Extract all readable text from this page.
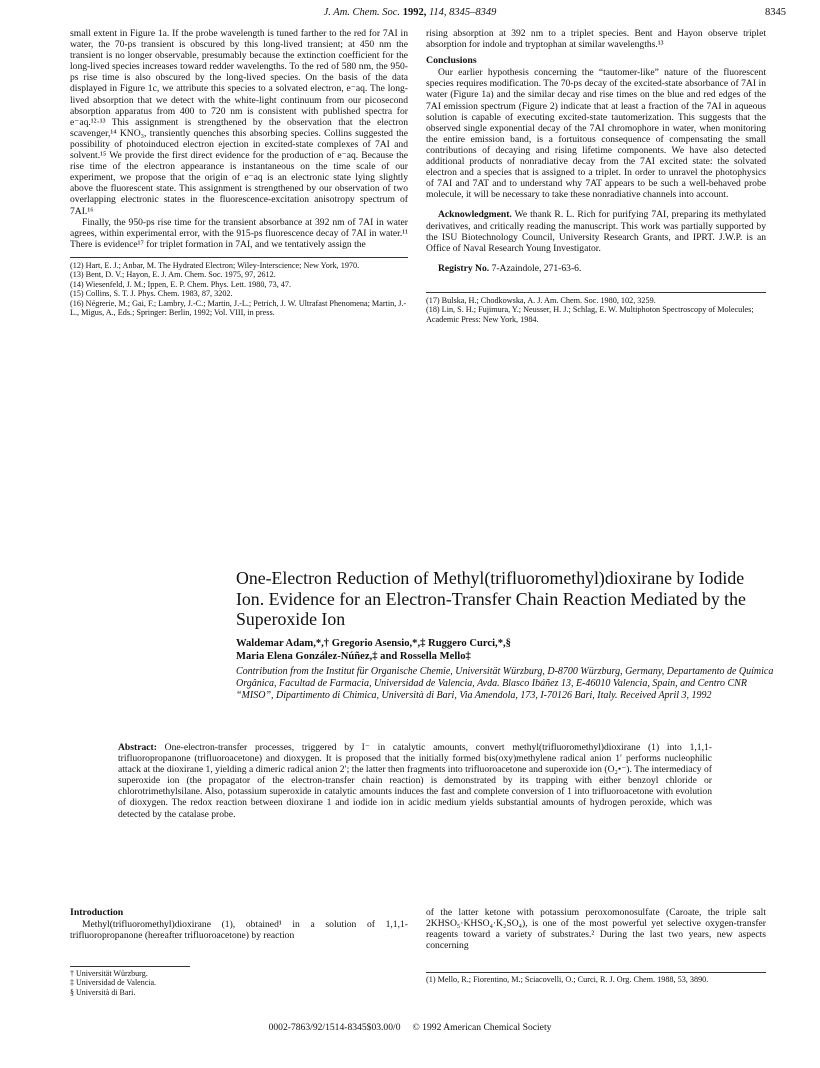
J. Am. Chem. Soc. 1992, 114, 8345–8349	8345

small extent in Figure 1a. If the probe wavelength is tuned farther to the red for 7AI in water, the 70-ps transient is obscured by this long-lived transient; at 450 nm the transient is no longer observable, presumably because the extinction coefficient for the long-lived species increases toward redder wavelengths. To the red of 580 nm, the 950-ps rise time is also obscured by the long-lived species. On the basis of the data displayed in Figure 1c, we attribute this species to a solvated electron, e⁻aq. The long-lived absorption that we detect with the white-light continuum from our picosecond absorption apparatus from 400 to 720 nm is consistent with published spectra for e⁻aq.¹²·¹³ This assignment is strengthened by the observation that the electron scavenger,¹⁴ KNO₃, transiently quenches this absorbing species. Collins suggested the possibility of photoinduced electron ejection in excited-state complexes of 7AI and solvent.¹⁵ We provide the first direct evidence for the production of e⁻aq. Because the rise time of the electron appearance is instantaneous on the time scale of our experiment, we propose that the origin of e⁻aq is an electronic state lying slightly above the fluorescent state. This assignment is strengthened by our observation of two overlapping electronic states in the fluorescence-excitation anisotropy spectrum of 7AI.¹⁶

Finally, the 950-ps rise time for the transient absorbance at 392 nm of 7AI in water agrees, within experimental error, with the 915-ps fluorescence decay of 7AI in water.¹¹ There is evidence¹⁷ for triplet formation in 7AI, and we tentatively assign the

(12) Hart, E. J.; Anbar, M. The Hydrated Electron; Wiley-Interscience; New York, 1970.
(13) Bent, D. V.; Hayon, E. J. Am. Chem. Soc. 1975, 97, 2612.
(14) Wiesenfeld, J. M.; Ippen, E. P. Chem. Phys. Lett. 1980, 73, 47.
(15) Collins, S. T. J. Phys. Chem. 1983, 87, 3202.
(16) Négrerie, M.; Gai, F.; Lambry, J.-C.; Martin, J.-L.; Petrich, J. W. Ultrafast Phenomena; Martin, J.-L., Migus, A., Eds.; Springer: Berlin, 1992; Vol. VIII, in press.

rising absorption at 392 nm to a triplet species. Bent and Hayon observe triplet absorption for indole and tryptophan at similar wavelengths.¹³

Conclusions

Our earlier hypothesis concerning the “tautomer-like” nature of the fluorescent species requires modification. The 70-ps decay of the excited-state absorbance of 7AI in water (Figure 1a) and the similar decay and rise times on the blue and red edges of the 7AI emission spectrum (Figure 2) indicate that at least a fraction of the 7AI in aqueous solution is capable of executing excited-state tautomerization. This suggests that the observed single exponential decay of the 7AI chromophore in water, when monitoring the entire emission band, is a fortuitous consequence of compensating the small contributions of decaying and rising lifetime components. We have also detected additional products of nonradiative decay from the 7AI excited state: the solvated electron and a species that is assigned to a triplet. In order to unravel the photophysics of 7AI and 7AT and to understand why 7AT appears to be such a well-behaved probe molecule, it will be necessary to take these nonradiative channels into account.

Acknowledgment. We thank R. L. Rich for purifying 7AI, preparing its methylated derivatives, and critically reading the manuscript. This work was partially supported by the ISU Biotechnology Council, University Research Grants, and IPRT. J.W.P. is an Office of Naval Research Young Investigator.

Registry No. 7-Azaindole, 271-63-6.

(17) Bulska, H.; Chodkowska, A. J. Am. Chem. Soc. 1980, 102, 3259.
(18) Lin, S. H.; Fujimura, Y.; Neusser, H. J.; Schlag, E. W. Multiphoton Spectroscopy of Molecules; Academic Press: New York, 1984.
One-Electron Reduction of Methyl(trifluoromethyl)dioxirane by Iodide Ion. Evidence for an Electron-Transfer Chain Reaction Mediated by the Superoxide Ion
Waldemar Adam,*,† Gregorio Asensio,*,‡ Ruggero Curci,*,§
Maria Elena González-Núñez,‡ and Rossella Mello‡
Contribution from the Institut für Organische Chemie, Universität Würzburg, D-8700 Würzburg, Germany, Departamento de Química Orgânica, Facultad de Farmacia, Universidad de Valencia, Avda. Blasco Ibáñez 13, E-46010 Valencia, Spain, and Centro CNR “MISO”, Dipartimento di Chimica, Università di Bari, Via Amendola, 173, I-70126 Bari, Italy. Received April 3, 1992
Abstract: One-electron-transfer processes, triggered by I⁻ in catalytic amounts, convert methyl(trifluoromethyl)dioxirane (1) into 1,1,1-trifluoropropanone (trifluoroacetone) and dioxygen. It is proposed that the initially formed bis(oxy)methylene radical anion 1′ performs nucleophilic attack at the dioxirane 1, yielding a dimeric radical anion 2′; the latter then fragments into trifluoroacetone and superoxide ion (O₂•⁻). The intermediacy of superoxide ion (the propagator of the electron-transfer chain reaction) is demonstrated by its trapping with either benzoyl chloride or chlorotrimethylsilane. Also, potassium superoxide in catalytic amounts induces the fast and complete conversion of 1 into trifluoroacetone with evolution of dioxygen. The redox reaction between dioxirane 1 and iodide ion in acidic medium yields substantial amounts of hydrogen peroxide, which was detected by the catalase probe.
Introduction

Methyl(trifluoromethyl)dioxirane (1), obtained¹ in a solution of 1,1,1-trifluoropropanone (hereafter trifluoroacetone) by reaction

of the latter ketone with potassium peroxomonosulfate (Caroate, the triple salt 2KHSO₅·KHSO₄·K₂SO₄), is one of the most powerful yet selective oxygen-transfer reagents toward a variety of substrates.² During the last two years, new aspects concerning

† Universität Würzburg.
‡ Universidad de Valencia.
§ Università di Bari.
(1) Mello, R.; Fiorentino, M.; Sciacovelli, O.; Curci, R. J. Org. Chem. 1988, 53, 3890.
0002-7863/92/1514-8345$03.00/0 © 1992 American Chemical Society
